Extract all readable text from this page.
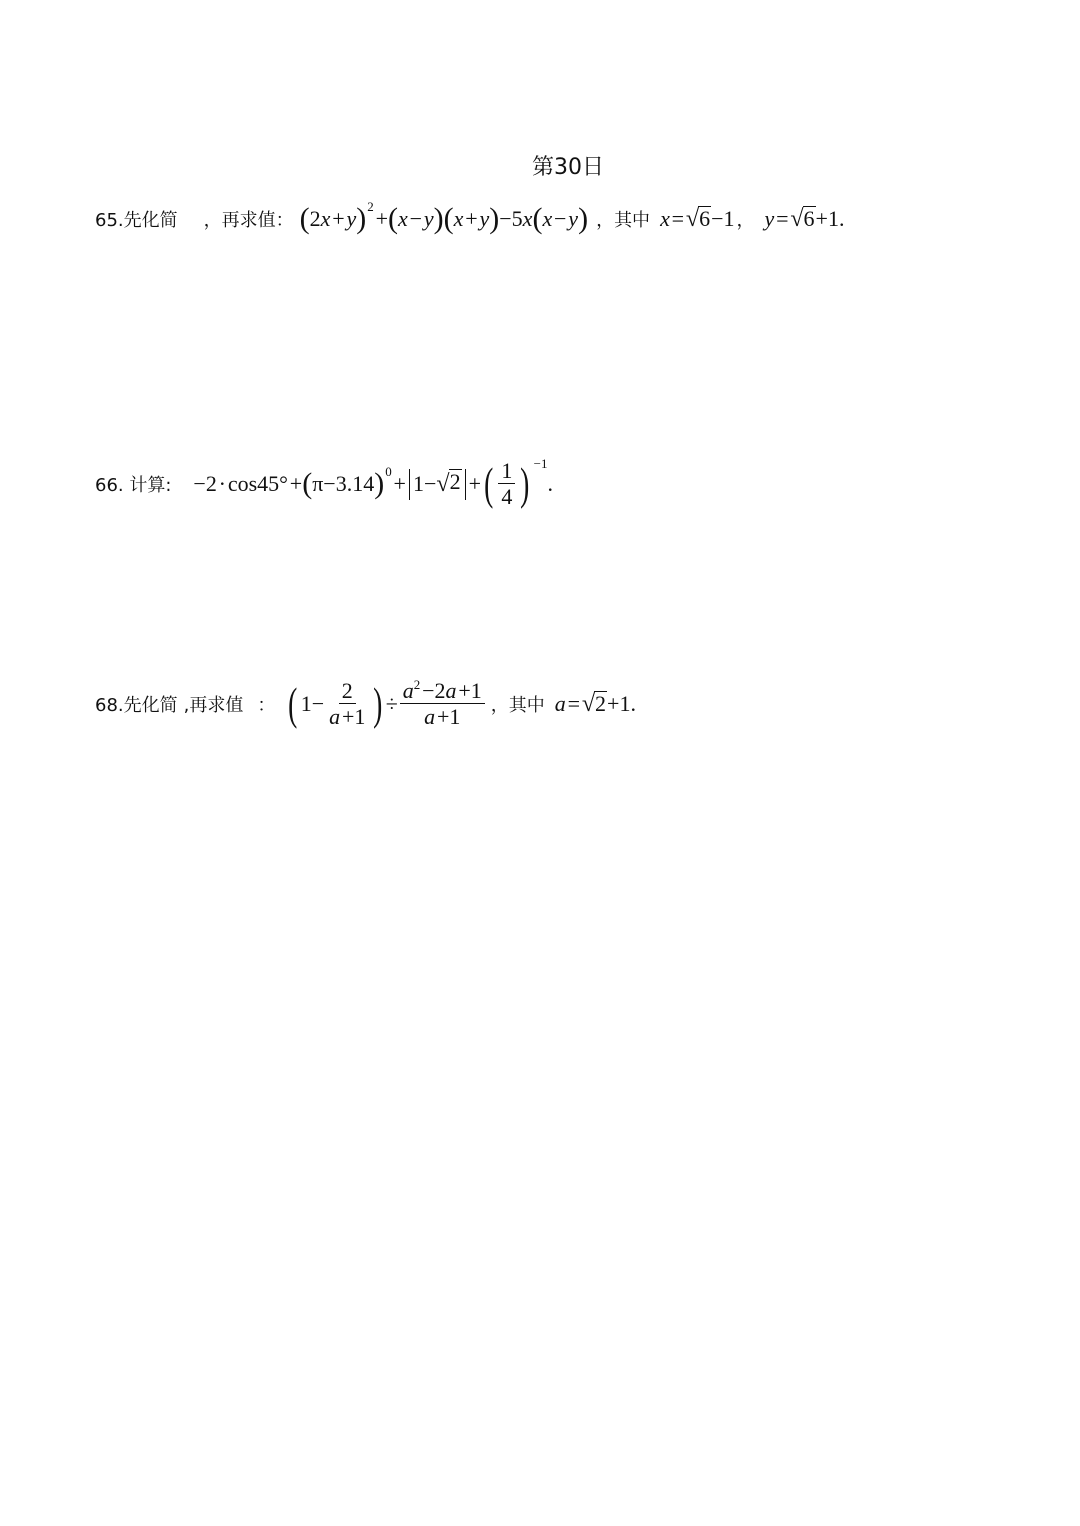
第30日
65.先化简 ，再求值： ( 2 x  +  y ) 2  + ( x  −  y )( x  +  y ) −5 x ( x  −  y ) ， 其中 x  =  √ 6 −1 ， y  =  √ 6 +1.
66. 计算: −2 · cos45° + ( π−3.14 ) 0  + 1− √ 2 + ( $\frac{1}{4}$ ) −1
.
68.先化简 ,再求值 ： ( $1- \frac{2}{a +1}$ ) ÷ $\frac{a^2 -2a +1}{a +1}$ ， 其中 a  =  √ 2 +1.
